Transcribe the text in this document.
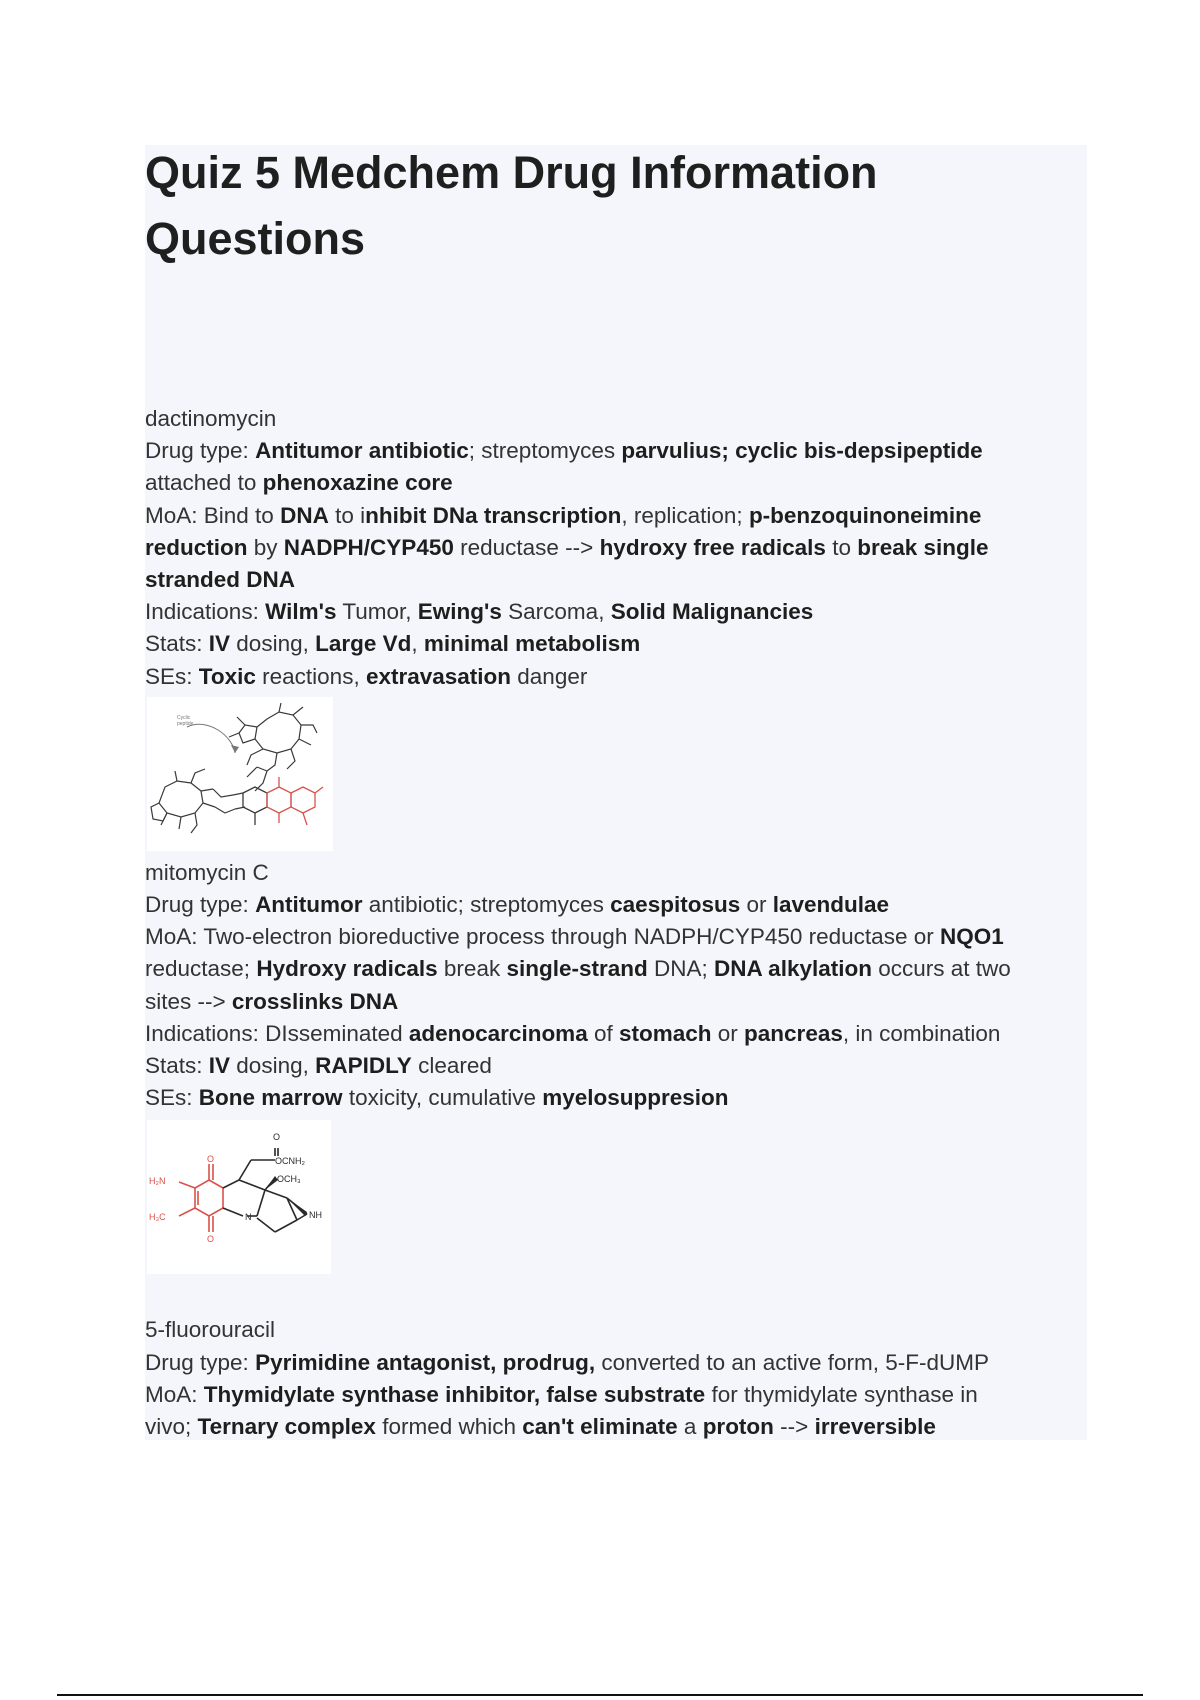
Quiz 5 Medchem Drug Information Questions
dactinomycin
Drug type: Antitumor antibiotic; streptomyces parvulius; cyclic bis-depsipeptide
attached to phenoxazine core
MoA: Bind to DNA to inhibit DNa transcription, replication; p-benzoquinoneimine
reduction by NADPH/CYP450 reductase --> hydroxy free radicals to break single
stranded DNA
Indications: Wilm's Tumor, Ewing's Sarcoma, Solid Malignancies
Stats: IV dosing, Large Vd, minimal metabolism
SEs: Toxic reactions, extravasation danger
Cyclic
peptide
mitomycin C
Drug type: Antitumor antibiotic; streptomyces caespitosus or lavendulae
MoA: Two-electron bioreductive process through NADPH/CYP450 reductase or NQO1
reductase; Hydroxy radicals break single-strand DNA; DNA alkylation occurs at two
sites --> crosslinks DNA
Indications: DIsseminated adenocarcinoma of stomach or pancreas, in combination
Stats: IV dosing, RAPIDLY cleared
SEs: Bone marrow toxicity, cumulative myelosuppresion
O
OCNH₂
OCH₃
H₂N
H₃C
O
O
N	NH
5-fluorouracil
Drug type: Pyrimidine antagonist, prodrug, converted to an active form, 5-F-dUMP
MoA: Thymidylate synthase inhibitor, false substrate for thymidylate synthase in
vivo; Ternary complex formed which can't eliminate a proton --> irreversible
